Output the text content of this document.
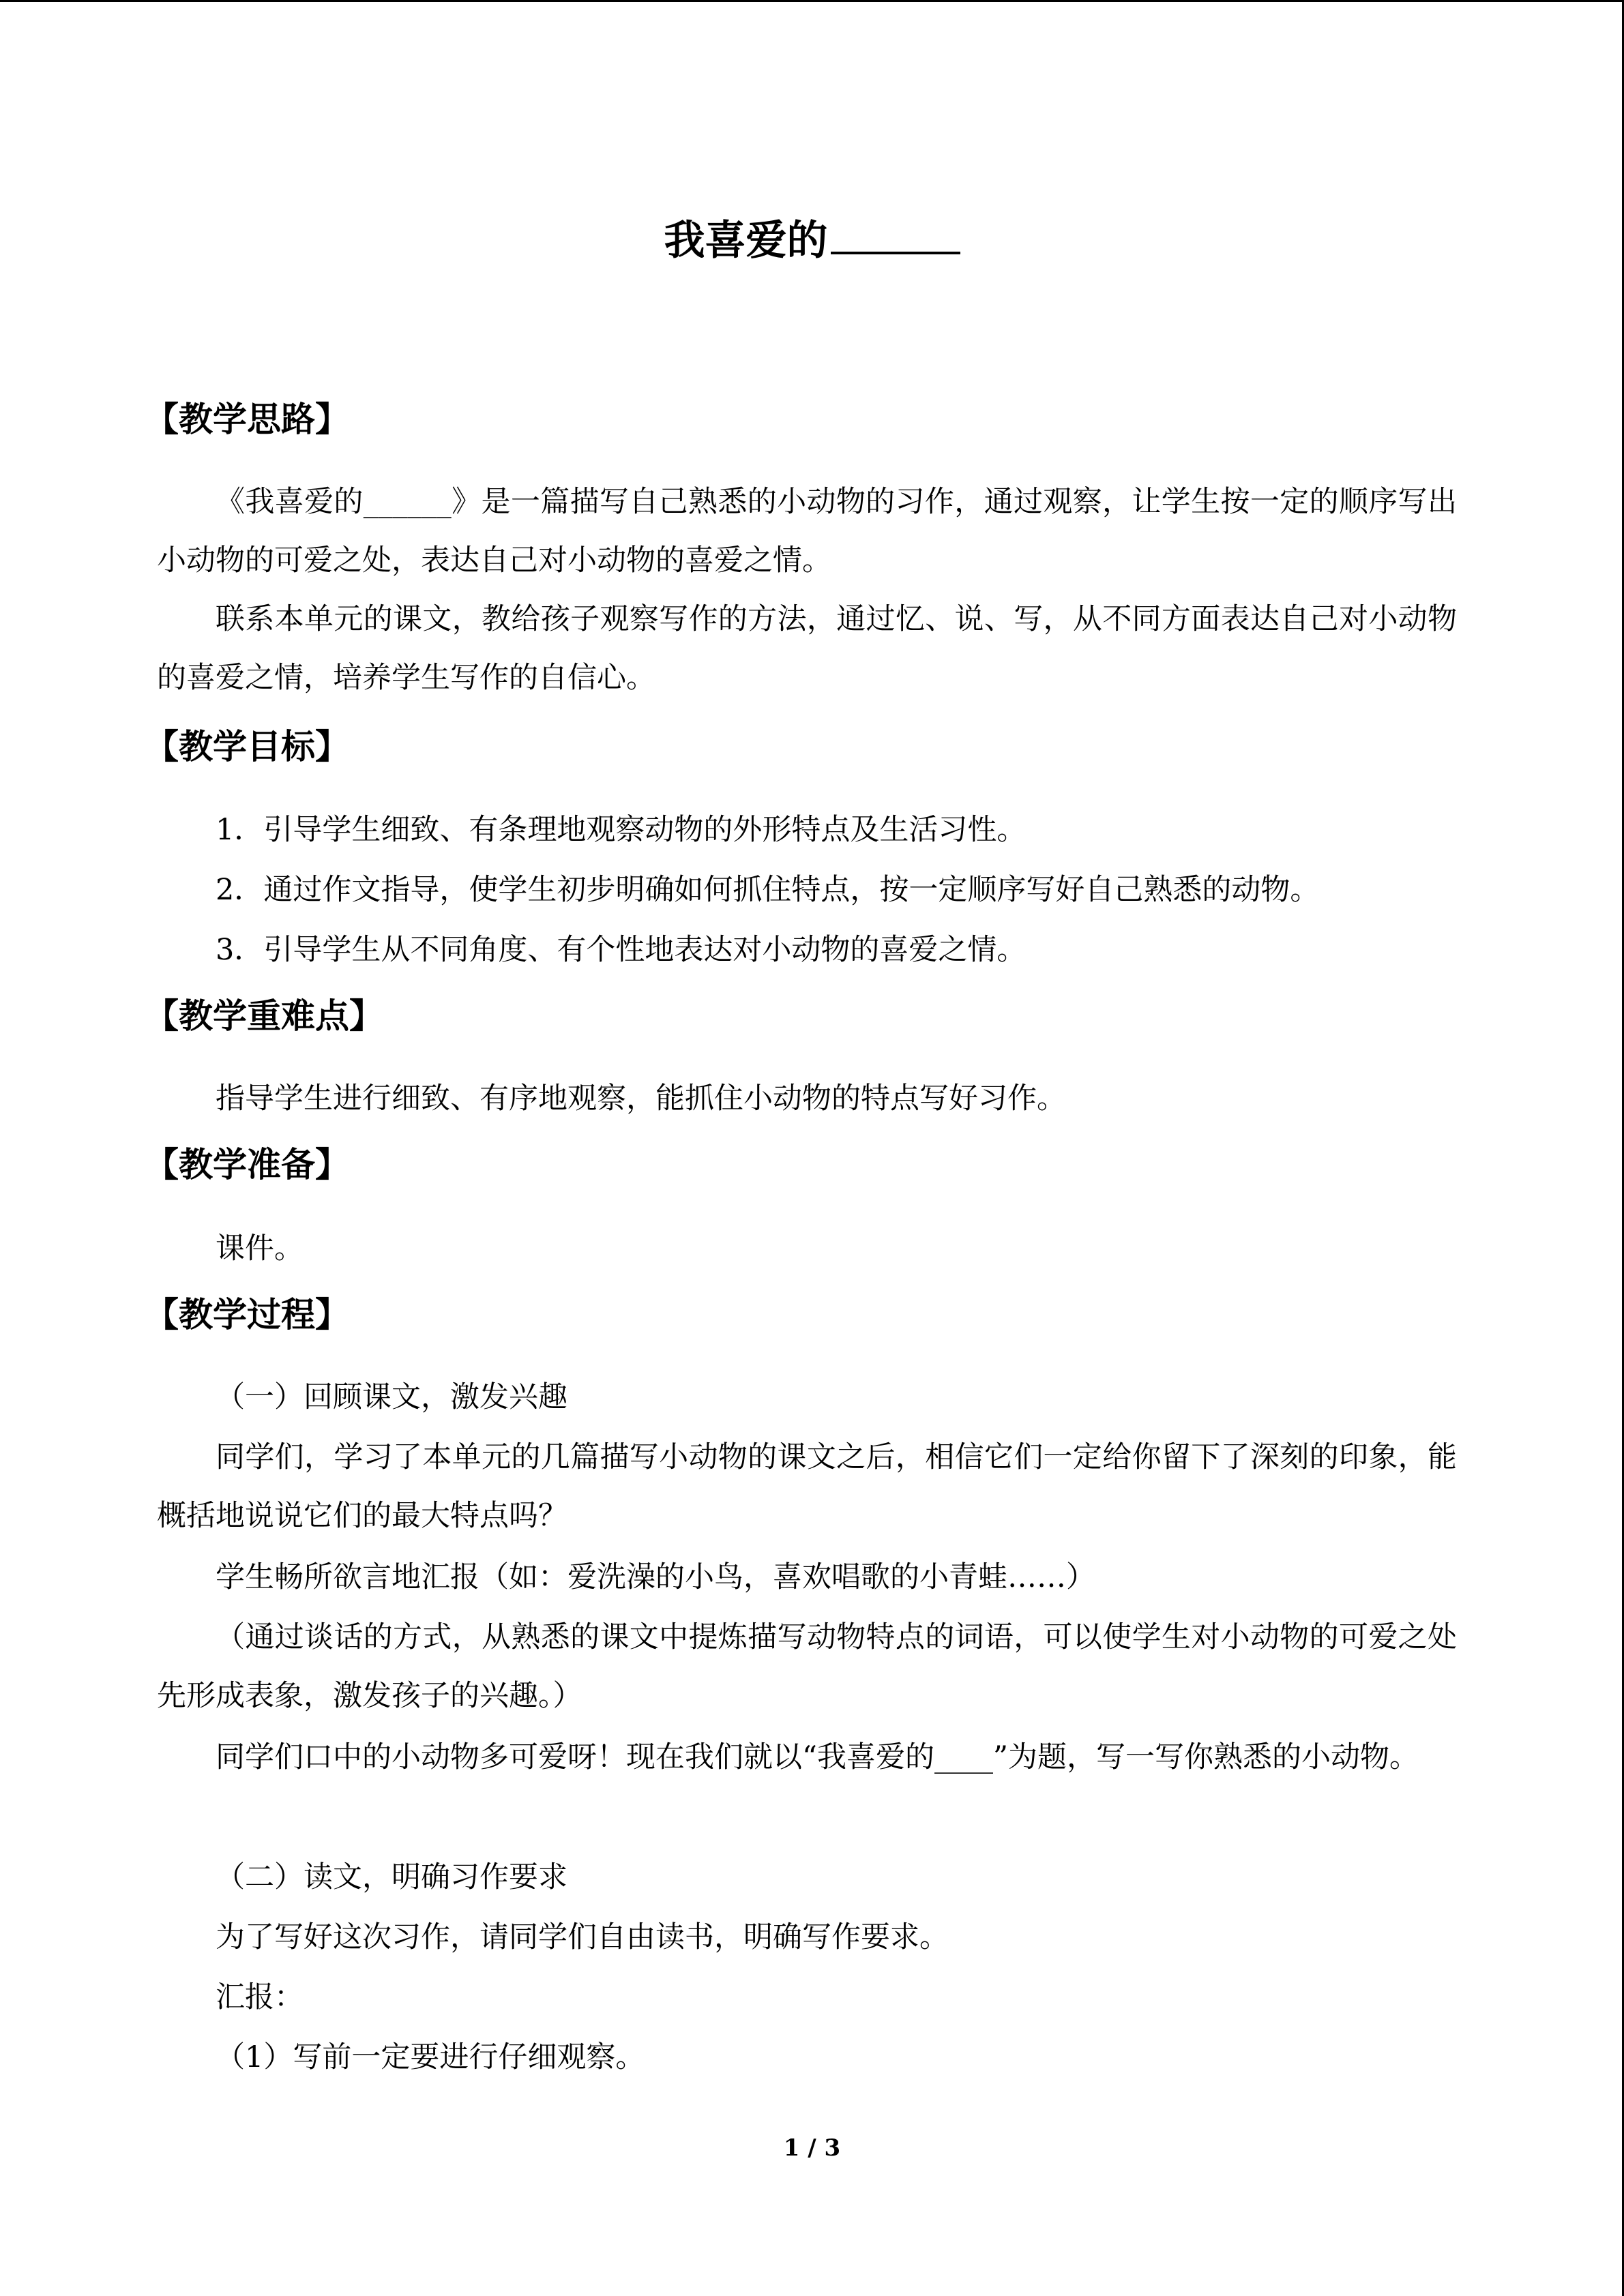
我喜爱的
【教学思路】
《我喜爱的______》是一篇描写自己熟悉的小动物的习作，通过观察，让学生按一定的顺序写出小动物的可爱之处，表达自己对小动物的喜爱之情。
联系本单元的课文，教给孩子观察写作的方法，通过忆、说、写，从不同方面表达自己对小动物的喜爱之情，培养学生写作的自信心。
【教学目标】
1．引导学生细致、有条理地观察动物的外形特点及生活习性。
2．通过作文指导，使学生初步明确如何抓住特点，按一定顺序写好自己熟悉的动物。
3．引导学生从不同角度、有个性地表达对小动物的喜爱之情。
【教学重难点】
指导学生进行细致、有序地观察，能抓住小动物的特点写好习作。
【教学准备】
课件。
【教学过程】
（一）回顾课文，激发兴趣
同学们，学习了本单元的几篇描写小动物的课文之后，相信它们一定给你留下了深刻的印象，能概括地说说它们的最大特点吗？
学生畅所欲言地汇报（如：爱洗澡的小鸟，喜欢唱歌的小青蛙……）
（通过谈话的方式，从熟悉的课文中提炼描写动物特点的词语，可以使学生对小动物的可爱之处先形成表象，激发孩子的兴趣。）
同学们口中的小动物多可爱呀！现在我们就以“我喜爱的____”为题，写一写你熟悉的小动物。
（二）读文，明确习作要求
为了写好这次习作，请同学们自由读书，明确写作要求。
汇报：
（1）写前一定要进行仔细观察。
1 / 3
